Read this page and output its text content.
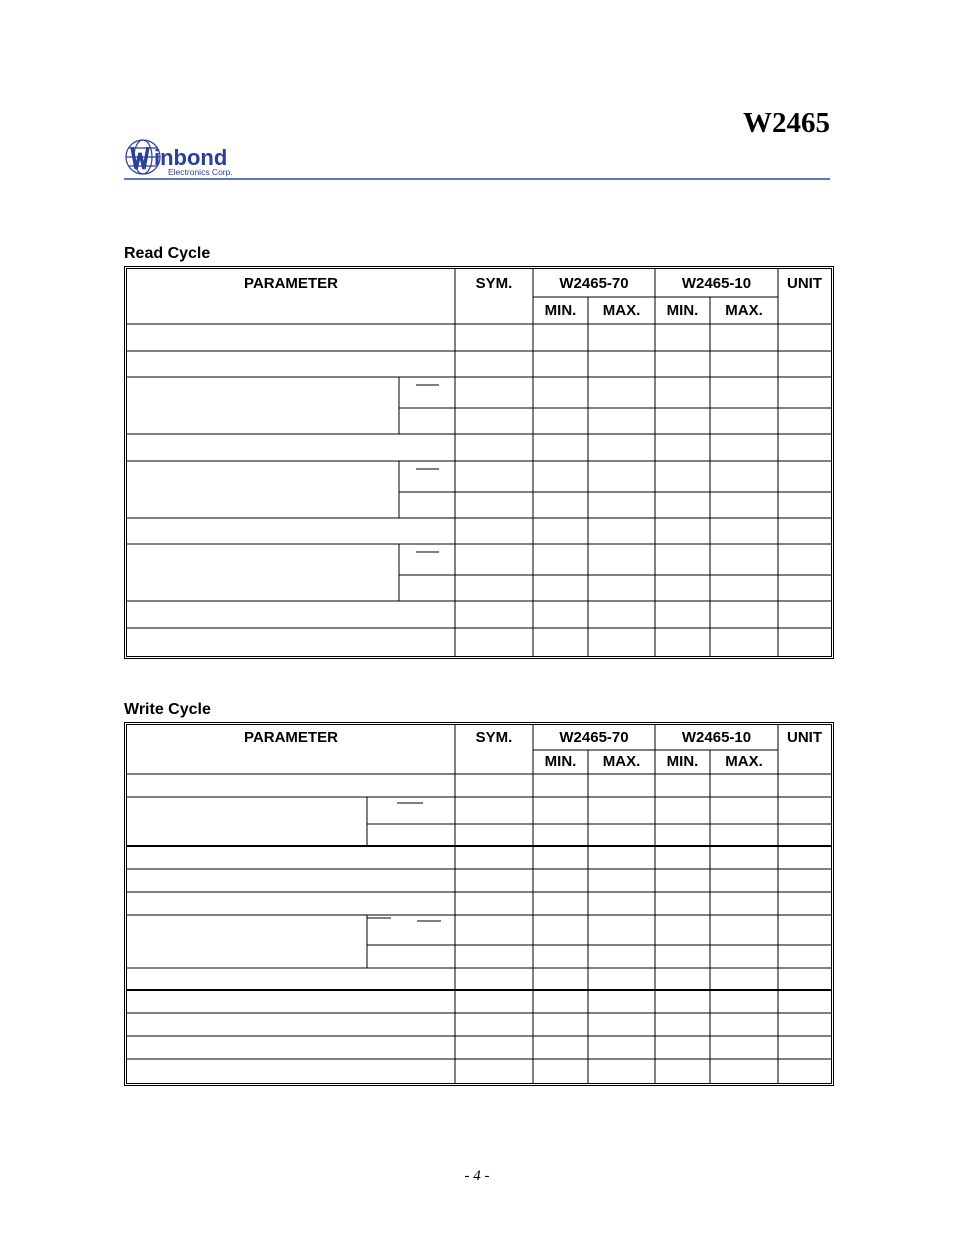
W2465
inbond
Electronics Corp.
Read Cycle
PARAMETER	SYM.	W2465-70	W2465-10	UNIT
MIN.	MAX.	MIN.	MAX.
Write Cycle
PARAMETER	SYM.	W2465-70	W2465-10	UNIT
MIN.	MAX.	MIN.	MAX.
- 4 -
